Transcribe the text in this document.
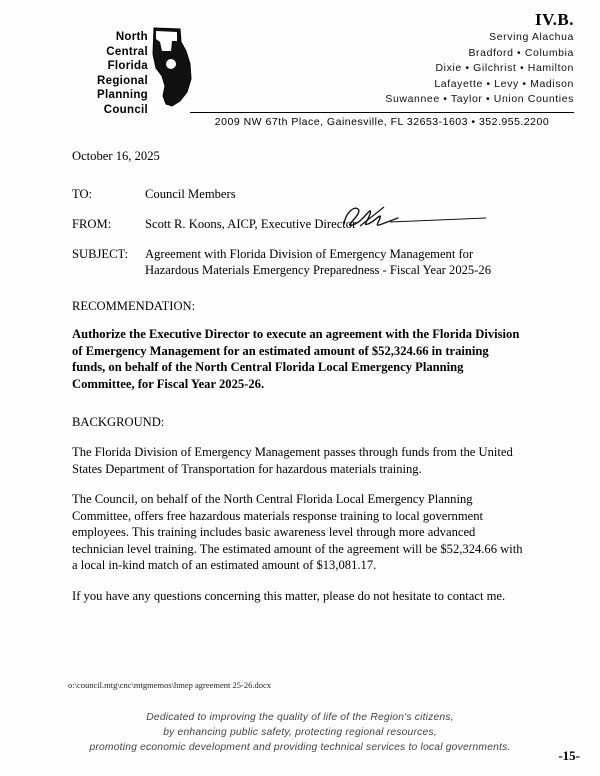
IV.B.
North
Central
Florida
Regional
Planning
Council
Serving Alachua
Bradford • Columbia
Dixie • Gilchrist • Hamilton
Lafayette • Levy • Madison
Suwannee • Taylor • Union Counties
2009 NW 67th Place, Gainesville, FL 32653-1603 • 352.955.2200

October 16, 2025

TO:	Council Members
FROM:	Scott R. Koons, AICP, Executive Director
SUBJECT:	Agreement with Florida Division of Emergency Management for
Hazardous Materials Emergency Preparedness - Fiscal Year 2025-26
RECOMMENDATION:

Authorize the Executive Director to execute an agreement with the Florida Division of Emergency Management for an estimated amount of $52,324.66 in training funds, on behalf of the North Central Florida Local Emergency Planning Committee, for Fiscal Year 2025-26.

BACKGROUND:

The Florida Division of Emergency Management passes through funds from the United States Department of Transportation for hazardous materials training.

The Council, on behalf of the North Central Florida Local Emergency Planning Committee, offers free hazardous materials response training to local government employees. This training includes basic awareness level through more advanced technician level training. The estimated amount of the agreement will be $52,324.66 with a local in-kind match of an estimated amount of $13,081.17.

If you have any questions concerning this matter, please do not hesitate to contact me.

o:\council.mtg\cnc\mtgmemos\hmep agreement 25-26.docx
Dedicated to improving the quality of life of the Region's citizens,
by enhancing public safety, protecting regional resources,
promoting economic development and providing technical services to local governments.
-15-
